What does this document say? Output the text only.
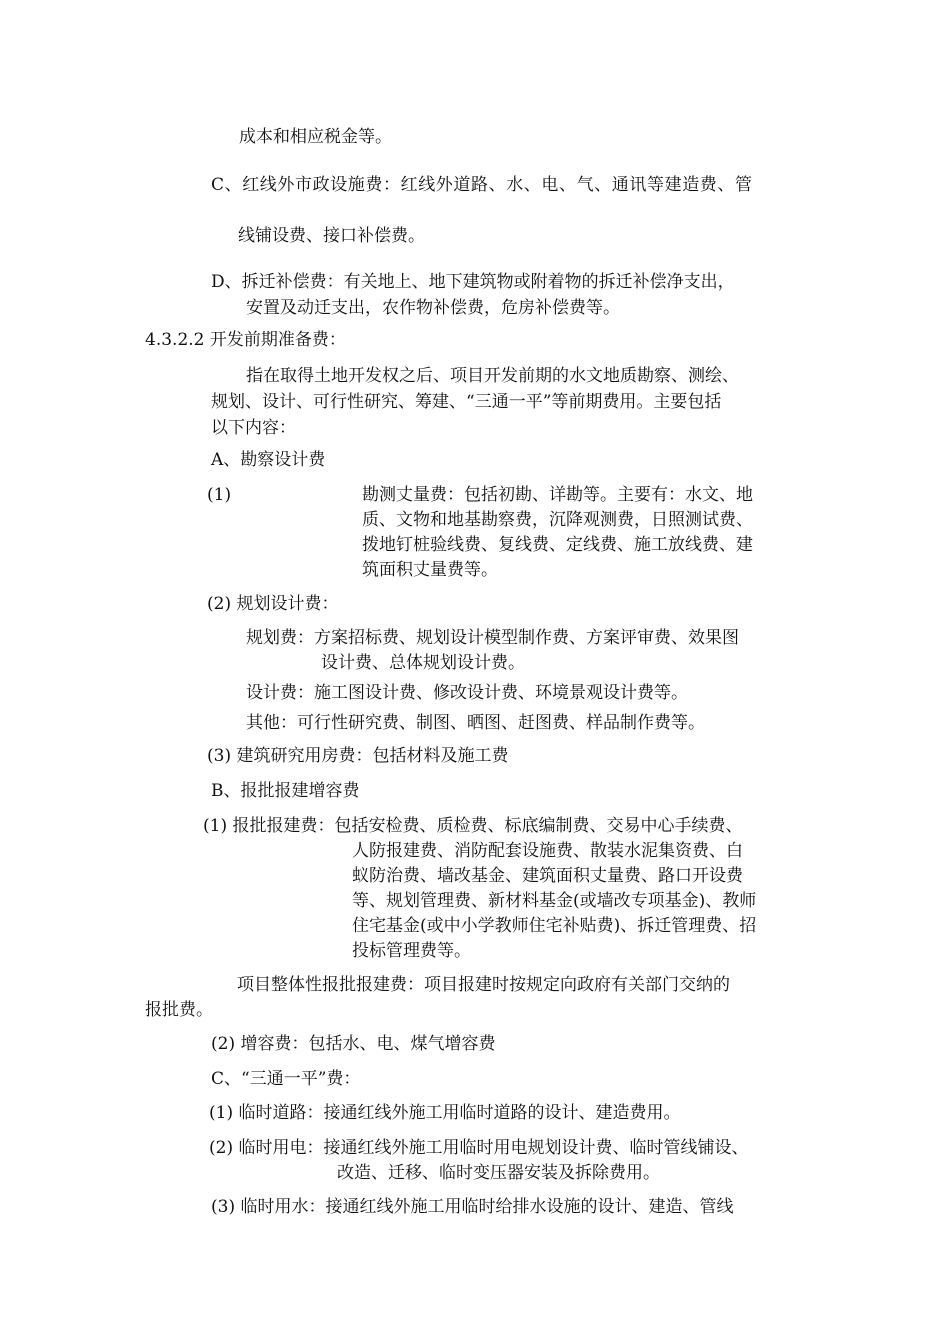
成本和相应税金等。

C、红线外市政设施费：红线外道路、水、电、气、通讯等建造费、管

线铺设费、接口补偿费。

D、拆迁补偿费：有关地上、地下建筑物或附着物的拆迁补偿净支出，

安置及动迁支出，农作物补偿费，危房补偿费等。

4.3.2.2 开发前期准备费：

指在取得土地开发权之后、项目开发前期的水文地质勘察、测绘、

规划、设计、可行性研究、筹建、“三通一平”等前期费用。主要包括

以下内容：

A、勘察设计费

(1)	勘测丈量费：包括初勘、详勘等。主要有：水文、地

质、文物和地基勘察费，沉降观测费，日照测试费、

拨地钉桩验线费、复线费、定线费、施工放线费、建

筑面积丈量费等。

(2) 规划设计费：

规划费：方案招标费、规划设计模型制作费、方案评审费、效果图

设计费、总体规划设计费。

设计费：施工图设计费、修改设计费、环境景观设计费等。

其他：可行性研究费、制图、晒图、赶图费、样品制作费等。

(3) 建筑研究用房费：包括材料及施工费

B、报批报建增容费

(1) 报批报建费：包括安检费、质检费、标底编制费、交易中心手续费、

人防报建费、消防配套设施费、散装水泥集资费、白

蚁防治费、墙改基金、建筑面积丈量费、路口开设费

等、规划管理费、新材料基金(或墙改专项基金)、教师

住宅基金(或中小学教师住宅补贴费)、拆迁管理费、招

投标管理费等。

项目整体性报批报建费：项目报建时按规定向政府有关部门交纳的

报批费。

(2) 增容费：包括水、电、煤气增容费

C、“三通一平”费：

(1) 临时道路：接通红线外施工用临时道路的设计、建造费用。

(2) 临时用电：接通红线外施工用临时用电规划设计费、临时管线铺设、

改造、迁移、临时变压器安装及拆除费用。

(3) 临时用水：接通红线外施工用临时给排水设施的设计、建造、管线
